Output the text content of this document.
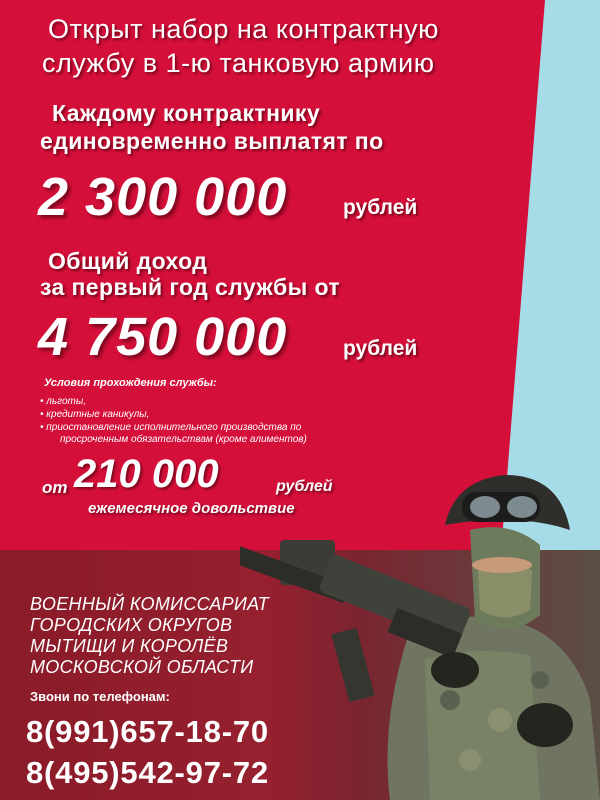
Открыт набор на контрактную
службу в 1-ю танковую армию
Каждому контрактнику
единовременно выплатят по
2 300 000	рублей
Общий доход
за первый год службы от
4 750 000	рублей
Условия прохождения службы:
• льготы,
• кредитные каникулы,
• приостановление исполнительного производства по
просроченным обязательствам (кроме алиментов)
от 210 000	рублей
ежемесячное довольствие
ВОЕННЫЙ КОМИССАРИАТ
ГОРОДСКИХ ОКРУГОВ
МЫТИЩИ И КОРОЛЁВ
МОСКОВСКОЙ ОБЛАСТИ
Звони по телефонам:
8(991)657-18-70
8(495)542-97-72
